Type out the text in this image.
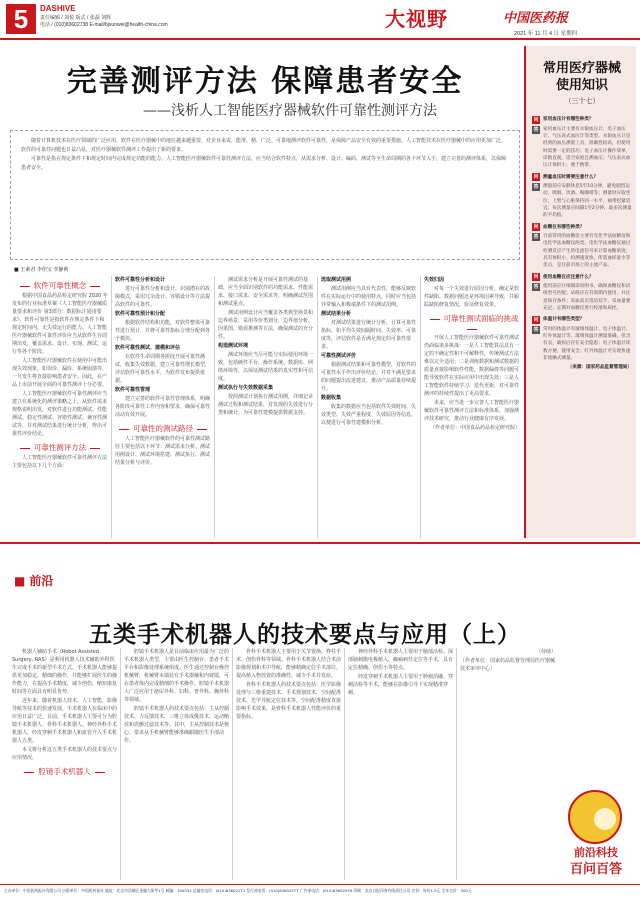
5	DASHIVE
责任编辑 / 刘悦 版式 / 张磊 刘辉
电话 / (010)83602738 E-mail/bjsunwei@health-china.com	大视野	中国医药报
2021 年 11 月 4 日 星期四
完善测评方法 保障患者安全
——浅析人工智能医疗器械软件可靠性测评方法

随着计算机技术在医疗领域的广泛应用，软件在医疗器械中的地位越来越重要，对企业来说，能准、精、广泛、可靠地测评软件可靠性，是保障产品安全有效的重要措施。人工智能技术在医疗器械中的应用更加广泛，软件的可靠性问题也日益凸显，对医疗器械软件测评工作提出了新的要求。

可靠性是指在规定条件下和规定时间内完成规定功能的能力。人工智能医疗器械软件可靠性测评方法，应当结合软件特点，从需求分析、设计、编码、测试等全生命周期的各个环节入手，建立完善的测评体系，以保障患者安全。

■ 王素君 李佳宝 李静莉

软件可靠性概念

根据中国食品药品检定研究院 2020 年发布的行业标准草案《人工智能医疗器械质量要求和评价 第3部分：数据标注通用要求》，软件可靠性是指软件在规定条件下和规定时间内，无失效运行的能力。人工智能医疗器械软件可靠性评价应当从软件生存周期出发，覆盖需求、设计、实现、测试、运行等各个阶段。

人工智能医疗器械软件在使用中可能出现失效现象，如误诊、漏诊、系统崩溃等，一旦发生将直接影响患者安全。因此，在产品上市前开展全面的可靠性测评十分必要。

人工智能医疗器械软件可靠性测评应当建立在系统化的测评策略之上，从软件需求规格说明出发，对软件进行功能测试、性能测试、稳定性测试、容错性测试、兼容性测试等，并对测试结果进行统计分析，得出可靠性评价结论。

可靠性测评方法

人工智能医疗器械软件可靠性测评方法主要包括以下几个方面：

软件可靠性分析和设计

进行可靠性分析和设计，识别潜在的故障模式，采用冗余设计、容错设计等方法提高软件的可靠性。

软件可靠性预计和分配

根据软件结构和功能，对软件整体可靠性进行预计，并将可靠性指标合理分配到各个模块。

软件可靠性测试、建模和评估

在软件生命周期各阶段开展可靠性测试，收集失效数据，建立可靠性增长模型，评估软件可靠性水平，为软件发布提供依据。

软件可靠性管理

建立完善的软件可靠性管理体系，明确各阶段可靠性工作内容和要求，确保可靠性活动有效开展。

可靠性的测试路径

人工智能医疗器械软件的可靠性测试路径主要包括以下环节：测试需求分析、测试用例设计、测试环境搭建、测试执行、测试结果分析与评价。

测试需求分析是开展可靠性测试的基础，应当全面识别软件的功能需求、性能需求、接口需求、安全需求等，明确测试范围和测试重点。

测试用例设计应当覆盖各类典型场景和边界场景，采用等价类划分、边界值分析、因果图、错误推测等方法，确保测试的充分性。

构造测试环境

测试环境应当尽可能与实际使用环境一致，包括硬件平台、操作系统、数据库、网络环境等，以保证测试结果的真实性和可信度。

测试执行与失效数据采集

按照测试计划执行测试用例，详细记录测试过程和测试结果，对发现的失效进行分类和统计，为可靠性建模提供数据支持。

选取测试用例

测试用例应当具有代表性，能够反映软件在实际运行中的使用特点，同时应当包括异常输入和极端条件下的测试用例。

测试结果分析

对测试结果进行统计分析，计算可靠性指标，如平均失效间隔时间、失效率、可靠度等，评估软件是否满足规定的可靠性要求。

可靠性测试评价

根据测试结果和可靠性模型，对软件的可靠性水平作出评价结论，并对不满足要求的问题提出改进建议，推动产品质量持续提升。

数据收集

收集的数据应当包括软件失效时间、失效类型、失效严重程度、失效原因等信息，以便进行可靠性建模和分析。

失效归因

对每一个失效进行原因分析，确定是软件缺陷、数据问题还是环境因素导致，并跟踪缺陷修复情况，验证修复效果。

可靠性测试面临的挑战

开展人工智能医疗器械软件可靠性测试仍面临诸多挑战：一是人工智能算法具有一定的不确定性和不可解释性，传统测试方法难以完全适用；二是训练数据和测试数据的质量直接影响软件性能，数据偏倚等问题可能导致软件在实际应用中出现失效；三是人工智能软件持续学习、迭代更新，对可靠性测评的持续性提出了更高要求。

未来，应当进一步完善人工智能医疗器械软件可靠性测评方法和标准体系，加强测评技术研究，推动行业健康有序发展。

（作者单位：中国食品药品检定研究院）

常用医疗器械
使用知识
（三十七）
问 家用血压计有哪些种类？
答 家用血压计主要有水银血压计、电子血压计、气压表式血压计等类型。水银血压计是经典的血压测量工具，准确性较高，但使用时需要一定的技巧；电子血压计操作简单，读数直观，适合家庭自测血压；气压表式血压计体积小、便于携带。
问 测量血压时需要注意什么？
答 测量前应安静休息5至10分钟，避免剧烈运动、吸烟、饮酒、喝咖啡等；测量时应取坐位，上臂与心脏保持同一水平，袖带松紧适宜；每次测量应间隔1至2分钟，取多次测量的平均值。
问 血糖仪有哪些种类？
答 目前常用的血糖仪主要有光化学法血糖仪和电化学法血糖仪两类。电化学法血糖仪通过检测反应产生的电流信号来计算血糖浓度，具有体积小、检测速度快、所需血样量少等优点，是目前市场上的主流产品。
问 使用血糖仪应注意什么？
答 使用前应仔细阅读说明书，确保血糖仪和试纸型号匹配；试纸应在有效期内使用，并注意保存条件；采血前应清洁双手，采血量要充足；定期对血糖仪进行校准和质控。
问 体温计有哪些类型？
答 常用的体温计有玻璃体温计、电子体温计、红外体温计等。玻璃体温计测量准确，但含有汞，破损后存在安全隐患；电子体温计读数方便、使用安全；红外体温计可实现快速非接触式测量。
（来源：国家药品监督管理局）
■ 前沿
五类手术机器人的技术要点与应用（上）

机器人辅助手术（Robot Assisted Surgery, RAS）是利用机器人技术辅助外科医生完成手术的新型手术方式。手术机器人能够提供更加稳定、精细的操作，并能够扩展医生的操作能力，在提高手术精度、减少创伤、缩短康复时间等方面具有明显优势。

近年来，随着机器人技术、人工智能、影像导航等技术的快速发展，手术机器人在临床中的应用日益广泛。目前，手术机器人主要可分为腔镜手术机器人、骨科手术机器人、神经外科手术机器人、经皮穿刺手术机器人和血管介入手术机器人五类。

本文将分析这五类手术机器人的技术要点与应用情况。

腔镜手术机器人

腔镜手术机器人是目前临床应用最为广泛的手术机器人类型，主要由医生控制台、患者手术平台和影像处理系统组成。医生通过控制台操控机械臂，机械臂末端装有手术器械和内窥镜，可在患者体内完成精细的手术操作。腔镜手术机器人广泛应用于泌尿外科、妇科、普外科、胸外科等领域。

腔镜手术机器人的技术要点包括：主从控制技术、力反馈技术、三维立体成像技术、运动缩放和震颤过滤技术等。其中，主从控制技术是核心，要求从手机械臂能够准确跟随医生手部动作。

骨科手术机器人主要用于关节置换、脊柱手术、创伤骨科等领域。骨科手术机器人结合术前影像规划和术中导航，能够精确定位手术部位，提高植入物放置的准确性，减少手术并发症。

骨科手术机器人的技术要点包括：医学影像处理与三维重建技术、手术规划技术、空间配准技术、光学导航定位技术等。空间配准精度直接影响手术效果，是骨科手术机器人性能评价的重要指标。

神经外科手术机器人主要用于脑部活检、深部脑刺激电极植入、癫痫病灶定位等手术，具有定位精确、创伤小等特点。

经皮穿刺手术机器人主要用于肿瘤消融、穿刺活检等手术，能够在影像引导下实现精准穿刺。

（待续）

（作者单位：国家药品监督管理局医疗器械技术审评中心）

前沿科技
百问百答
主办单位：中国医药报社有限公司 出版单位：中国医药报社 地址：北京市西城区金融大街甲1号 邮编：100033 总编室电话：(010)83602171 发行部电话：(010)83602577 广告部电话：(010)83602559 印刷：北京日报印务有限责任公司 定价：每份1.5元 全年定价：300元
